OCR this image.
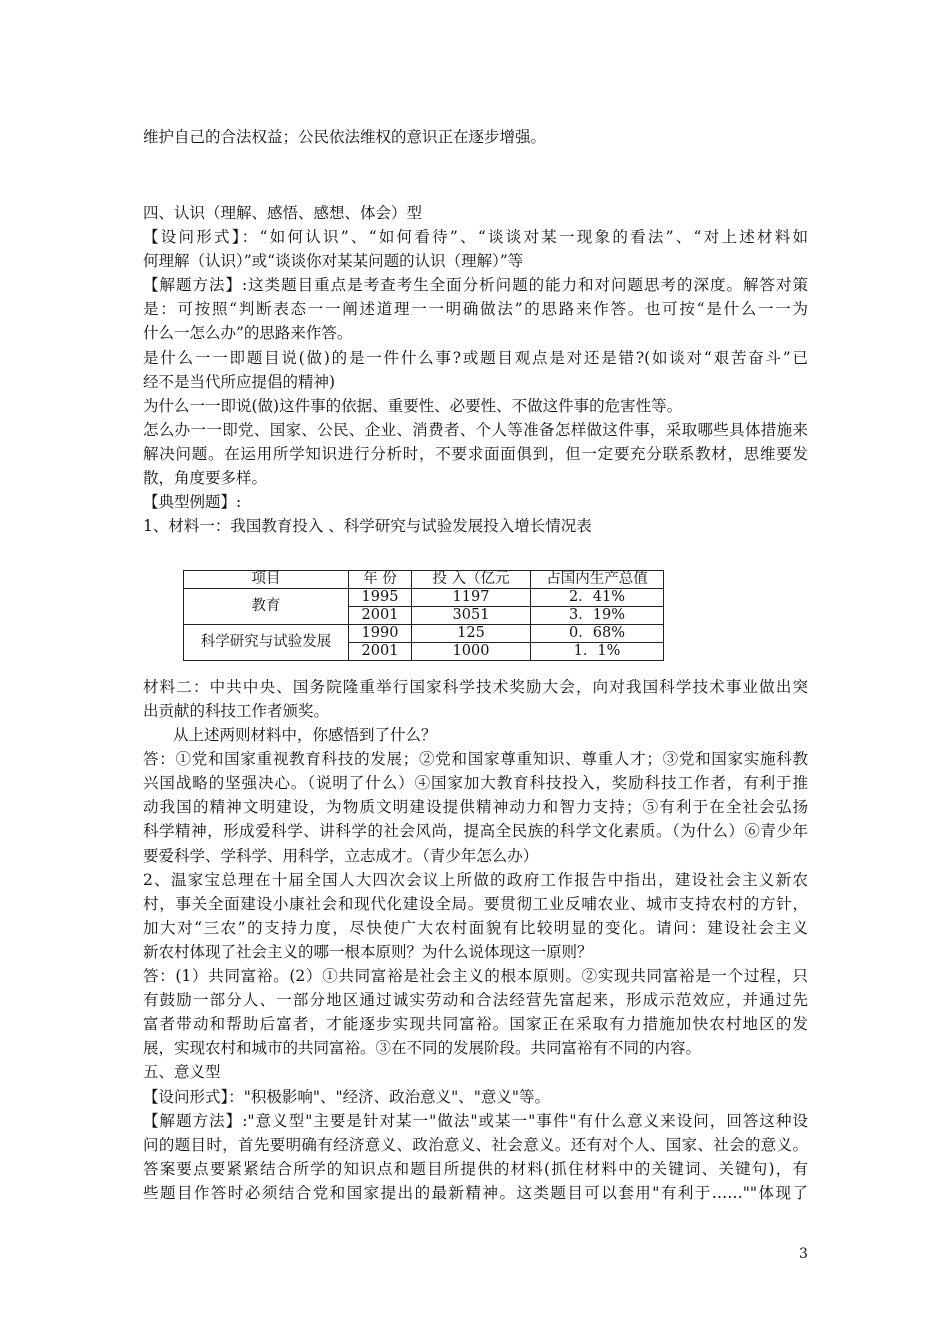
维护自己的合法权益；公民依法维权的意识正在逐步增强。
四、认识（理解、感悟、感想、体会）型
【设问形式】：“如何认识”、“如何看待”、“谈谈对某一现象的看法”、“对上述材料如
何理解（认识）”或“谈谈你对某某问题的认识（理解）”等
【解题方法】:这类题目重点是考查考生全面分析问题的能力和对问题思考的深度。解答对策
是：可按照“判断表态一一阐述道理一一明确做法”的思路来作答。也可按“是什么一一为
什么一怎么办”的思路来作答。
是什么一一即题目说(做)的是一件什么事?或题目观点是对还是错?(如谈对“艰苦奋斗”已
经不是当代所应提倡的精神)
为什么一一即说(做)这件事的依据、重要性、必要性、不做这件事的危害性等。
怎么办一一即党、国家、公民、企业、消费者、个人等准备怎样做这件事，采取哪些具体措施来
解决问题。在运用所学知识进行分析时，不要求面面俱到，但一定要充分联系教材，思维要发
散，角度要多样。
【典型例题】:
1、材料一：我国教育投入 、科学研究与试验发展投入增长情况表
项目	年 份	投 入（亿元	占国内生产总值
教育	1995	1197	2．41%
	2001	3051	3．19%
科学研究与试验发展	1990	125	0．68%
	2001	1000	1．1%
材料二：中共中央、国务院隆重举行国家科学技术奖励大会，向对我国科学技术事业做出突
出贡献的科技工作者颁奖。
从上述两则材料中，你感悟到了什么？
答：①党和国家重视教育科技的发展；②党和国家尊重知识、尊重人才；③党和国家实施科教
兴国战略的坚强决心。（说明了什么）④国家加大教育科技投入，奖励科技工作者，有利于推
动我国的精神文明建设，为物质文明建设提供精神动力和智力支持；⑤有利于在全社会弘扬
科学精神，形成爱科学、讲科学的社会风尚，提高全民族的科学文化素质。（为什么）⑥青少年
要爱科学、学科学、用科学，立志成才。（青少年怎么办）
2、温家宝总理在十届全国人大四次会议上所做的政府工作报告中指出，建设社会主义新农
村，事关全面建设小康社会和现代化建设全局。要贯彻工业反哺农业、城市支持农村的方针，
加大对“三农”的支持力度，尽快使广大农村面貌有比较明显的变化。请问：建设社会主义
新农村体现了社会主义的哪一根本原则？为什么说体现这一原则？
答：(1）共同富裕。(2）①共同富裕是社会主义的根本原则。②实现共同富裕是一个过程，只
有鼓励一部分人、一部分地区通过诚实劳动和合法经营先富起来，形成示范效应，并通过先
富者带动和帮助后富者，才能逐步实现共同富裕。国家正在采取有力措施加快农村地区的发
展，实现农村和城市的共同富裕。③在不同的发展阶段。共同富裕有不同的内容。
五、意义型
【设问形式】："积极影响"、"经济、政治意义"、"意义"等。
【解题方法】:"意义型"主要是针对某一"做法"或某一"事件"有什么意义来设问，回答这种设
问的题目时，首先要明确有经济意义、政治意义、社会意义。还有对个人、国家、社会的意义。
答案要点要紧紧结合所学的知识点和题目所提供的材料(抓住材料中的关键词、关键句)，有
些题目作答时必须结合党和国家提出的最新精神。这类题目可以套用"有利于……""体现了
3
